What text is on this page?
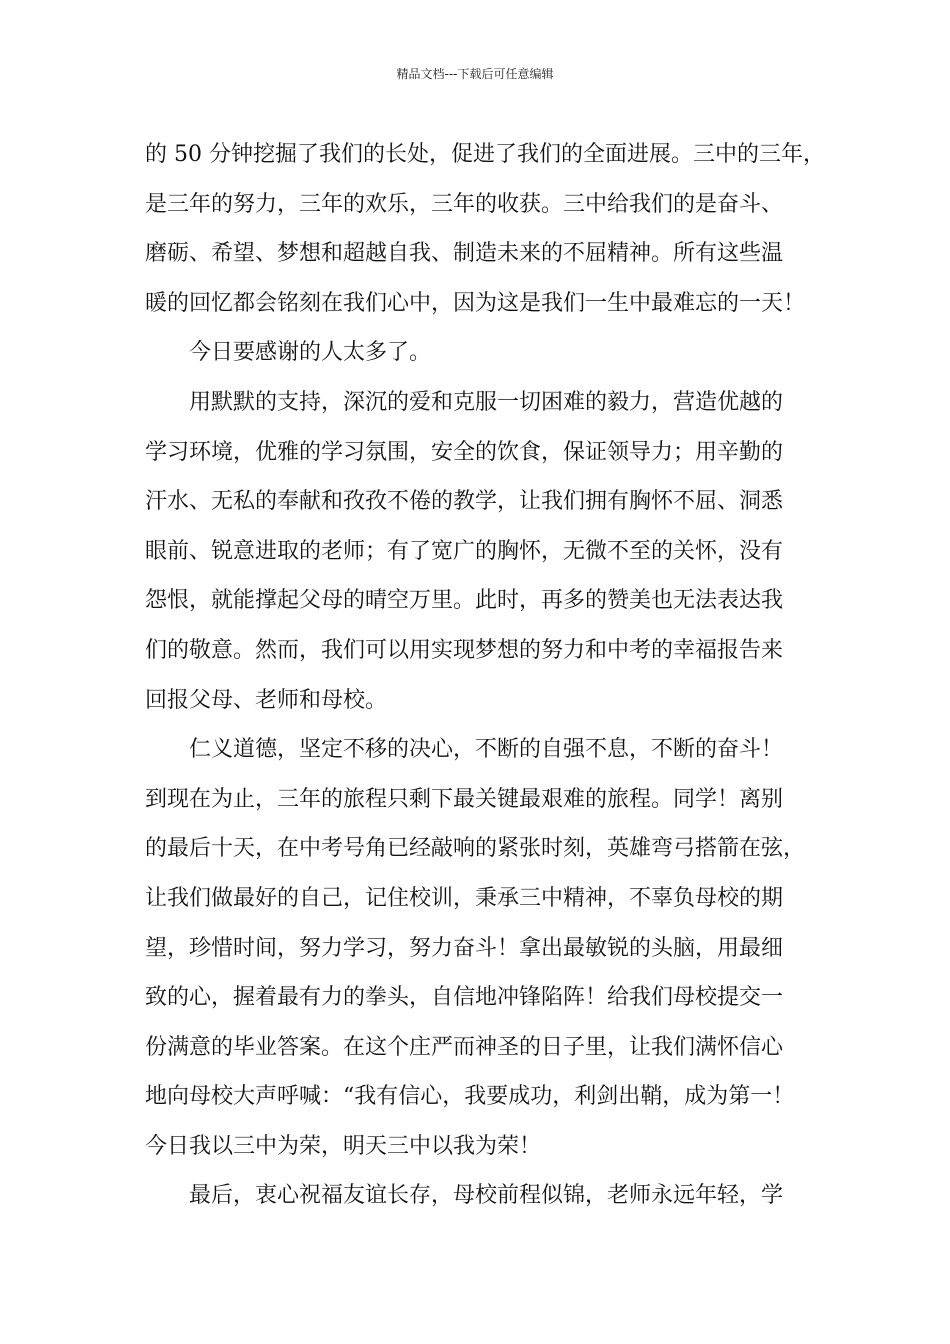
精品文档---下载后可任意编辑
的 50 分钟挖掘了我们的长处，促进了我们的全面进展。三中的三年，
是三年的努力，三年的欢乐，三年的收获。三中给我们的是奋斗、
磨砺、希望、梦想和超越自我、制造未来的不屈精神。所有这些温
暖的回忆都会铭刻在我们心中，因为这是我们一生中最难忘的一天！
今日要感谢的人太多了。
用默默的支持，深沉的爱和克服一切困难的毅力，营造优越的
学习环境，优雅的学习氛围，安全的饮食，保证领导力；用辛勤的
汗水、无私的奉献和孜孜不倦的教学，让我们拥有胸怀不屈、洞悉
眼前、锐意进取的老师；有了宽广的胸怀，无微不至的关怀，没有
怨恨，就能撑起父母的晴空万里。此时，再多的赞美也无法表达我
们的敬意。然而，我们可以用实现梦想的努力和中考的幸福报告来
回报父母、老师和母校。
仁义道德，坚定不移的决心，不断的自强不息，不断的奋斗！
到现在为止，三年的旅程只剩下最关键最艰难的旅程。同学！离别
的最后十天，在中考号角已经敲响的紧张时刻，英雄弯弓搭箭在弦，
让我们做最好的自己，记住校训，秉承三中精神，不辜负母校的期
望，珍惜时间，努力学习，努力奋斗！拿出最敏锐的头脑，用最细
致的心，握着最有力的拳头，自信地冲锋陷阵！给我们母校提交一
份满意的毕业答案。在这个庄严而神圣的日子里，让我们满怀信心
地向母校大声呼喊：“我有信心，我要成功，利剑出鞘，成为第一！
今日我以三中为荣，明天三中以我为荣！
最后，衷心祝福友谊长存，母校前程似锦，老师永远年轻，学
